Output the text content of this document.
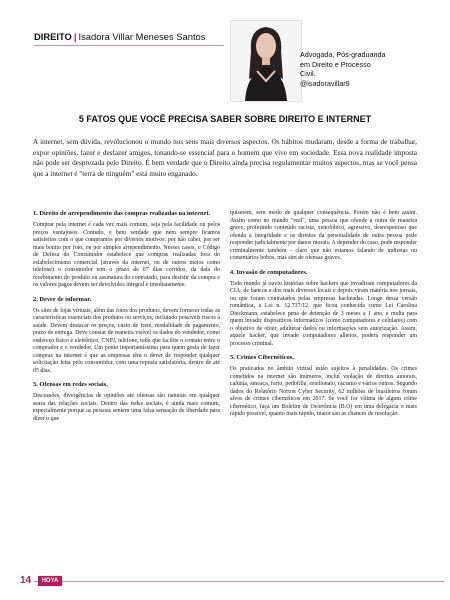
DIREITO | Isadora Villar Meneses Santos
Advogada, Pós-graduanda
em Direito e Processo
Civil.
@isadoravillar9
5 FATOS QUE VOCÊ PRECISA SABER SOBRE DIREITO E INTERNET
A internet, sem dúvida, revolucionou o mundo nos seus mais diversos aspectos. Os hábitos mudaram, desde a forma de trabalhar, expor opiniões, fazer e desfazer amigos, tonando-se essencial para o homem que vive em sociedade. Essa nova realidade imposta não pode ser desprezada pelo Direito. É bem verdade que o Direito ainda precisa regulamentar muitos aspectos, mas se você pensa que a internet é "terra de ninguém" está muito enganado.
1. Direito de arrependimento das compras realizadas na internet.

Comprar pela internet é cada vez mais comum, seja pela facilidade ou pelos preços vantajosos. Contudo, é bem verdade que nem sempre ficamos satisfeitos com o que compramos por diversos motivos: por não caber, por ser mais bonito por foto, ou por simples arrependimento. Nesses casos, o Código de Defesa do Consumidor estabelece que compras realizadas fora do estabelecimento comercial (através da internet, ou de outros meios como telefone) o consumidor tem o prazo de 07 dias corridos, da data do recebimento do produto ou assinatura do contratado, para desistir da compra e os valores pagos devem ser devolvidos integral e imediatamente.

2. Dever de informar.

Os sites de lojas virtuais, além das fotos dos produtos, devem fornecer todas as características essenciais dos produtos ou serviços, incluindo possíveis riscos à saúde. Devem destacar os preços, custo de frete, modalidade de pagamento, prazo de entrega. Deve constar de maneira visível os dados do vendedor, como endereço físico e eletrônico, CNPJ, telefone, tudo que facilite o contato entre o comprador e o vendedor. Um ponto importantíssimo para quem gosta de fazer compras na internet é que as empresas têm o dever de responder qualquer solicitação feita pelo consumidor, com uma reposta satisfatória, dentro de até 05 dias.

3. Ofensas em redes sociais.

Discussões, divergências de opiniões até ofensas são naturais em qualquer seara das relações sociais. Dentro das redes sociais, é ainda mais comum, especialmente porque as pessoas sentem uma falsa sensação de liberdade para dizer o que

quiserem, sem medo de qualquer consequência. Porém não é bem assim. Assim como no mundo "real", uma pessoa que ofende a outra de maneira grave, proferindo conteúdo racista, xenofóbico, agressivo, desrespeitoso que ofenda a integridade e os direitos da personalidade de outra pessoa pode responder judicialmente por danos morais. A depender do caso, pode responder criminalmente também - claro que não estamos falando de indiretas ou comentários bobos, mas sim de ofensas graves.

4. Invasão de computadores.

Todo mundo já ouviu histórias sobre hackers que invadiram computadores da CIA, de bancos e dos mais diversos locais e depois viram matéria nos jornais, ou que foram contratados pelas empresas hackeadas. Longe dessa versão romântica, a Lei n. 12.737/12, que ficou conhecida como Lei Carolina Dieckmann, estabelece pena de detenção de 3 meses a 1 ano, e multa para quem invadir dispositivos informáticos (como computadores e celulares) com o objetivo de obter, adulterar dados ou informações sem autorização. Assim, aquele hacker, que invade computadores alheios, poderá responder um processo criminal.

5. Crimes Cibernéticos.

Os praticados no âmbito virtual estão sujeitos à penalidades. Os crimes cometidos na internet são inúmeros, incluí violação de direitos autorais, calúnia, ameaça, furto, pedofilia, estelionato, racismo e vários outros. Segundo dados do Relatório Norton Cyber Security, 62 milhões de brasileiros foram alvos de crimes cibernéticos em 2017. Se você for vítima de algum crime cibernético, faça um Boletim de Ocorrência (B.O) em uma delegacia o mais rápido possível, quanto mais rápido, maior são as chances de resolução.

14	HOYA
